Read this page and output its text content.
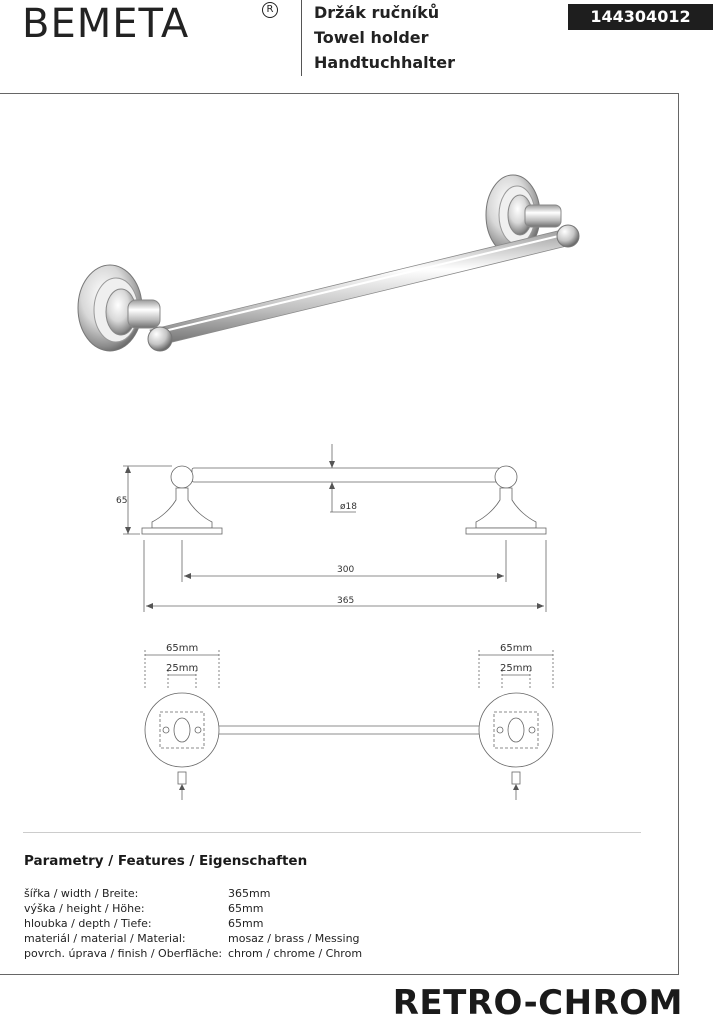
BEMETA	R	Držák ručníků
Towel holder
Handtuchhalter
144304012
65
ø18
300
365
65mm
25mm
65mm
25mm
Parametry / Features / Eigenschaften
šířka / width / Breite:	365mm
výška / height / Höhe:	65mm
hloubka / depth / Tiefe:	65mm
materiál / material / Material:	mosaz / brass / Messing
povrch. úprava / finish / Oberfläche: chrom / chrome / Chrom
RETRO-CHROM
